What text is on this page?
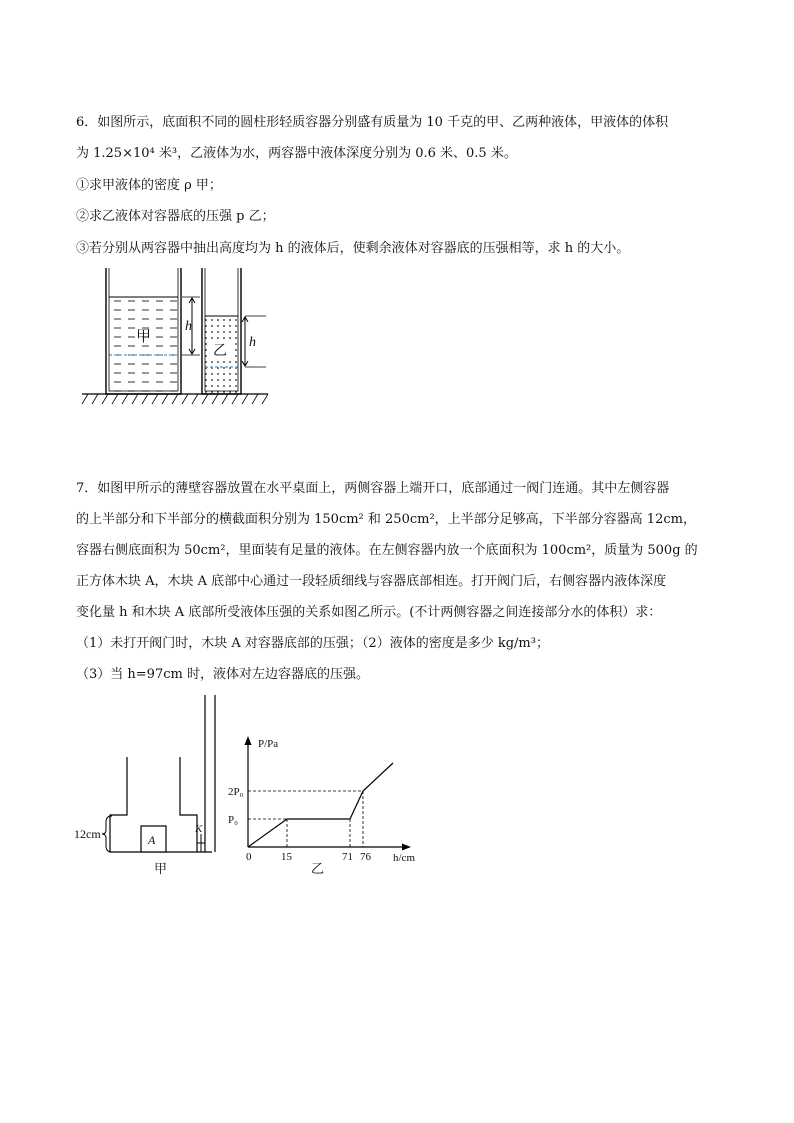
6．如图所示，底面积不同的圆柱形轻质容器分别盛有质量为 10 千克的甲、乙两种液体，甲液体的体积
为 1.25×10⁴ 米³，乙液体为水，两容器中液体深度分别为 0.6 米、0.5 米。
①求甲液体的密度 ρ 甲；
②求乙液体对容器底的压强 p 乙；
③若分别从两容器中抽出高度均为 h 的液体后，使剩余液体对容器底的压强相等，求 h 的大小。
甲
h
乙
h
7．如图甲所示的薄壁容器放置在水平桌面上，两侧容器上端开口，底部通过一阀门连通。其中左侧容器
的上半部分和下半部分的横截面积分别为 150cm² 和 250cm²，上半部分足够高，下半部分容器高 12cm，
容器右侧底面积为 50cm²，里面装有足量的液体。在左侧容器内放一个底面积为 100cm²，质量为 500g 的
正方体木块 A，木块 A 底部中心通过一段轻质细线与容器底部相连。打开阀门后，右侧容器内液体深度
变化量 h 和木块 A 底部所受液体压强的关系如图乙所示。(不计两侧容器之间连接部分水的体积）求：
（1）未打开阀门时，木块 A 对容器底部的压强；（2）液体的密度是多少 kg/m³；
（3）当 h=97cm 时，液体对左边容器底的压强。
K
A
12cm
甲
P/Pa
h/cm
0	15	71 76
2P₀
P₀
乙
